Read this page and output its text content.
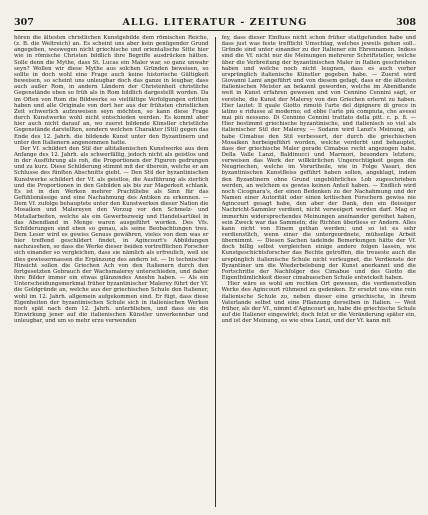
307	ALLG. LITERATUR - ZEITUNG	308

hören die ältesten christlichen Kunstgebilde dem römischen Reiche, (z. B. die Weltreich) an. Es scheint uns aber kein genügender Grund angegeben, weswegen nicht griechische und orientalische Sitte hier wie in römische Christen bildlich ihre Begriffe ausdrücken hätten. Solle denn die Mythe, dass St. Lucas ein Maler war, so ganz unwahr seyn? Wollen wir diese Mythe aus solchen Gründen beweisen, so sollte in doch wohl eine Frage auch keine historische Gültigkeit beweisen, so scheint uns unleugbar doch das ganze in leugbar, dass auch außer Rom, in andern Ländern der Christenheit christliche Gegenstände eben so früh als in Rom bildlich dargestellt worden. Da im Often von Rom die Bildwerke so vielfältige Verfolgungen erlitten haben und alle Originale von dort her aus der frühsten christlichen Zeit schwerlich aufzuweisen seyn möchten, so kann diese Frage durch Kunstwerke wohl nicht entschieden werden. Es kommt aber hier auch nicht darauf an, wo zuerst bildende Künstler christliche Gegenstände darstellten, sondern welchen Charakter (Stil) gegen das Ende des 12. Jahrh. die bildende Kunst unter den Byzantinern und unter den Italienern angenommen hatte.

Der Vf. schildert den Stil der altitalienischen Kunstwerke aus dem Anfange des 12. Jahrh. als schwerfällig, jedoch nicht als geistlos und in der Ausführung als roh, die Proportionen der Figuren gedrungen und zu kurz. Diese Schilderung stimmt mit der überein, welche er am Schlusse des fünften Abschnitts giebt. — Den Stil der byzantinischen Kunstwerke schildert der Vf. als geistlos, die Ausführung als zierlich und die Proportionen in den Gebilden als bis zur Magerkeit schlank. Es ist in den Werken mehrer Prachtliebe als Sinn für das Gefühlsmässige und eine Nachahmung des Antiken zu erkennen. — Dem Vf. zufolge behauptete unter den Kunstwerken dieser Nation die Mosaiken und Malereyen den Vorzug vor den Schmelz- und Metallarbeiten, welche als ein Gewerbszweig und Handelsartikel in das Abendland in Menge waren ausgeführt worden. Des Vfs. Schilderungen sind eben so genau, als seine Beobachtungen treu. Dem Leser wird es gewiss Genuss gewähren, vieles von dem was er hier treffend geschildert findet, in Agincourt's Abbildungen nachzusehen, so dass die Werke dieser beiden vortrefflichen Forscher sich einander so vergleichen, dass sie nämlich als erfreulich, weil sie dies gewissermassen die Ergänzung des andern ist. — In technischer Hinsicht sollen die Griechen Ach von den Italienern durch den fortgesetzten Gebrauch der Wachsmalerey unterschieden, und daher ihre Bilder immer ein etwas glänzendes Ansehn haben. — Als ein Unterscheidungsmerkmal früher byzantinischer Malerey führt der Vf. die Goldgründe an, welche aus der griechischen Schule den Italiener, wohl im 12. Jahrh. allgemein aufgekommen sind. Er fügt, dass diese Eigenheiten der byzantinischen Schule sich in italienischen Werken noch spät nach dem 12. Jahrh. unterblieben, und dass sie die Einwirkung jener auf die italienischen Künstler unverkennbar und unleugbar, und um so mehr erzu verwenden

fey, dass dieser Einfluss nicht schon früher stattgefunden habe und dass just was feste trefflicht Umschlag, welches jeweils gehen soll.. Gründe sind unter einander zu der Italiener ein Ehrennamen. Indess sind die Vf. nicht nur die Meinungen mehrerer Schriftsteller, welche über die Verbreitung der byzantinischen Maler in Italien geschrieben haben und welche noch nicht leugnen, dass es auch vorher ursprünglich italienische Künstler gegeben habe. — Zuerst wird Giovanni Lami angeführt und von diesem gefagt, dass er die ältesten italienischen Meister an bekannt geworden, welche im Abendlande weit in Kunst erfahren gewesen und von Cennino Cennini sagt, er verstehe, die Kunst der Malerey von den Griechen erlernt zu haben. Hier lautet: Il quale Giotto rimutò l'arte del dipignere di greco in latino e ridusse al moderno; ed ebbe l'arte più compiuta, che avessi mai più nessuno. Di Cennino Cennini trattato della pitt. c. p. 8. — Hier bestimmt griechische byzantinische, und italienisch so viel als italienischer Stil der Malerey. — Sodann wird Lanzi's Meinung, als habe Cimabue den Stil verbessert, der durch die griechischen Mosaiken herbeigeführt worden, welche verderbt und behauptet, dass der griechische Maler gerade Cimabue recht angezogen habe. Della Valle Lanzi, Baldinucci und Marmori, besonders letztere, verweisen das Werk der willkürlichen Ungerechtigkeit gegen die Neugriechen, welche im Vorurtheile, wie in Folge Vasari, den byzantinischen Kunstfleiss geführt haben sollen, angeklagt, indem den Byzantinern ohne Grund ungebührliches Lob zugeschrieben werden, an welchem es gewiss keinen Anteil haben. — Endlich wird noch Cicognara's, der einen Bedenken zu der Nachahmung und der Namen einer Autorität oder einen kritischen Forschern gewiss nie Agincourt gesagt habe, den aber der Dank, den ein fleissiger Nachricht-Sammler verdient, nicht verweigert werden darf. Mag er immerhin widersprechendes Meinungen aneinander gereihet haben, sein Zweck war das Sammeln; die Richten überliess er Andern. Alles kann nicht von Einem gethan werden; und so ist es sehr verdienstlich, wenn einer die untergeordnete, mühselige Arbeit übernimmt. — Diesen Sachen tadelnde Bemerkungen hätte der Vf. doch billig selbst vergleichen einige andere folgen lassen, wie Kunstgeschichtsforscher das Rechte getroffen, die treueste auch die urspünglich italienische Schule nicht verleugnet, die Verdienste der Byzantiner um die Wiederbelebung der Kunst anerkannt und die Fortschritte der Nachfolger des Cimabue und des Giotto die Eigenthümlichkeit dieser cimabueschen Schule entwickelt haben.

Hier wäre es wohl am rechten Ort gewesen, die verdienstvollen Werke des Agincourt rühmend zu gedenken. Er ersetzt uns eine rein italienische Schule zu, neben dieser eine griechische, in ihrem Vaterlande selbst und eine Pflanzung derselben in Italien. — Weit früher, als der Vf., nimmt d'Agincourt an, habe die griechische Schule auf die Italiener eingewirkt; doch fetzt er die Veränderung später ein, und ist der Meinung, es wie etwa Lanzi, und der Vf. kann mit
